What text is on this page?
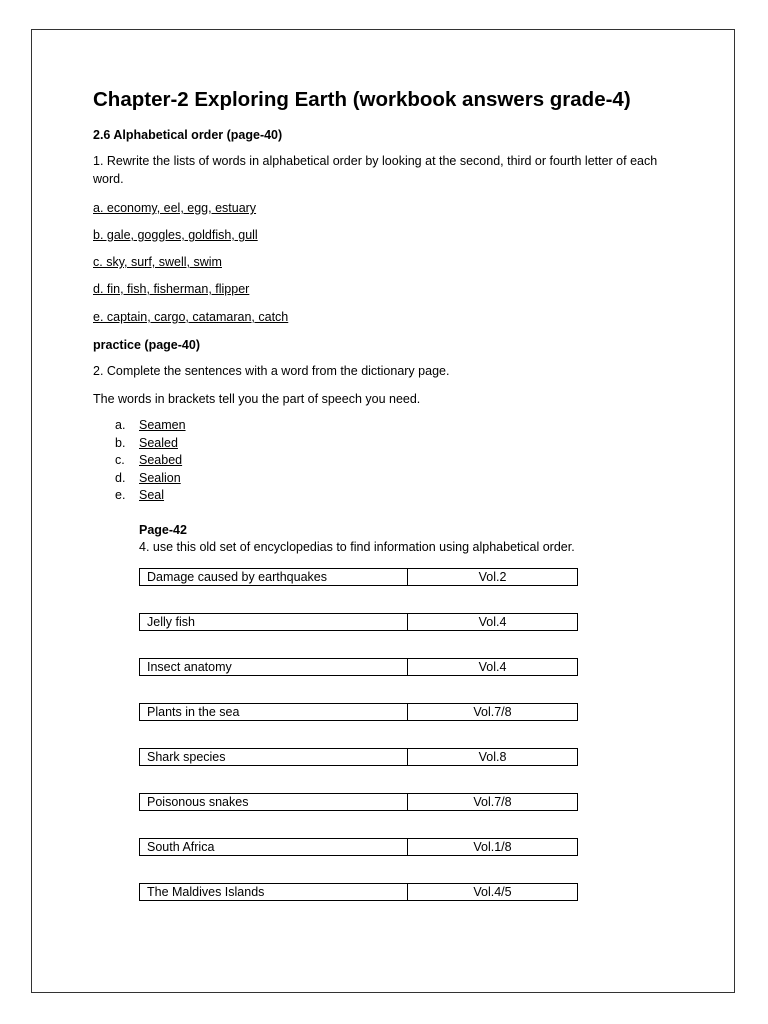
Chapter-2 Exploring Earth (workbook answers grade-4)

2.6 Alphabetical order (page-40)

1. Rewrite the lists of words in alphabetical order by looking at the second, third or fourth letter of each word.

a. economy, eel, egg, estuary

b. gale, goggles, goldfish, gull

c. sky, surf, swell, swim

d. fin, fish, fisherman, flipper

e. captain, cargo, catamaran, catch

practice (page-40)

2. Complete the sentences with a word from the dictionary page.

The words in brackets tell you the part of speech you need.

a. Seamen
b. Sealed
c. Seabed
d. Sealion
e. Seal

Page-42

4. use this old set of encyclopedias to find information using alphabetical order.

Damage caused by earthquakes	Vol.2
Jelly fish	Vol.4
Insect anatomy	Vol.4
Plants in the sea	Vol.7/8
Shark species	Vol.8
Poisonous snakes	Vol.7/8
South Africa	Vol.1/8
The Maldives Islands	Vol.4/5
